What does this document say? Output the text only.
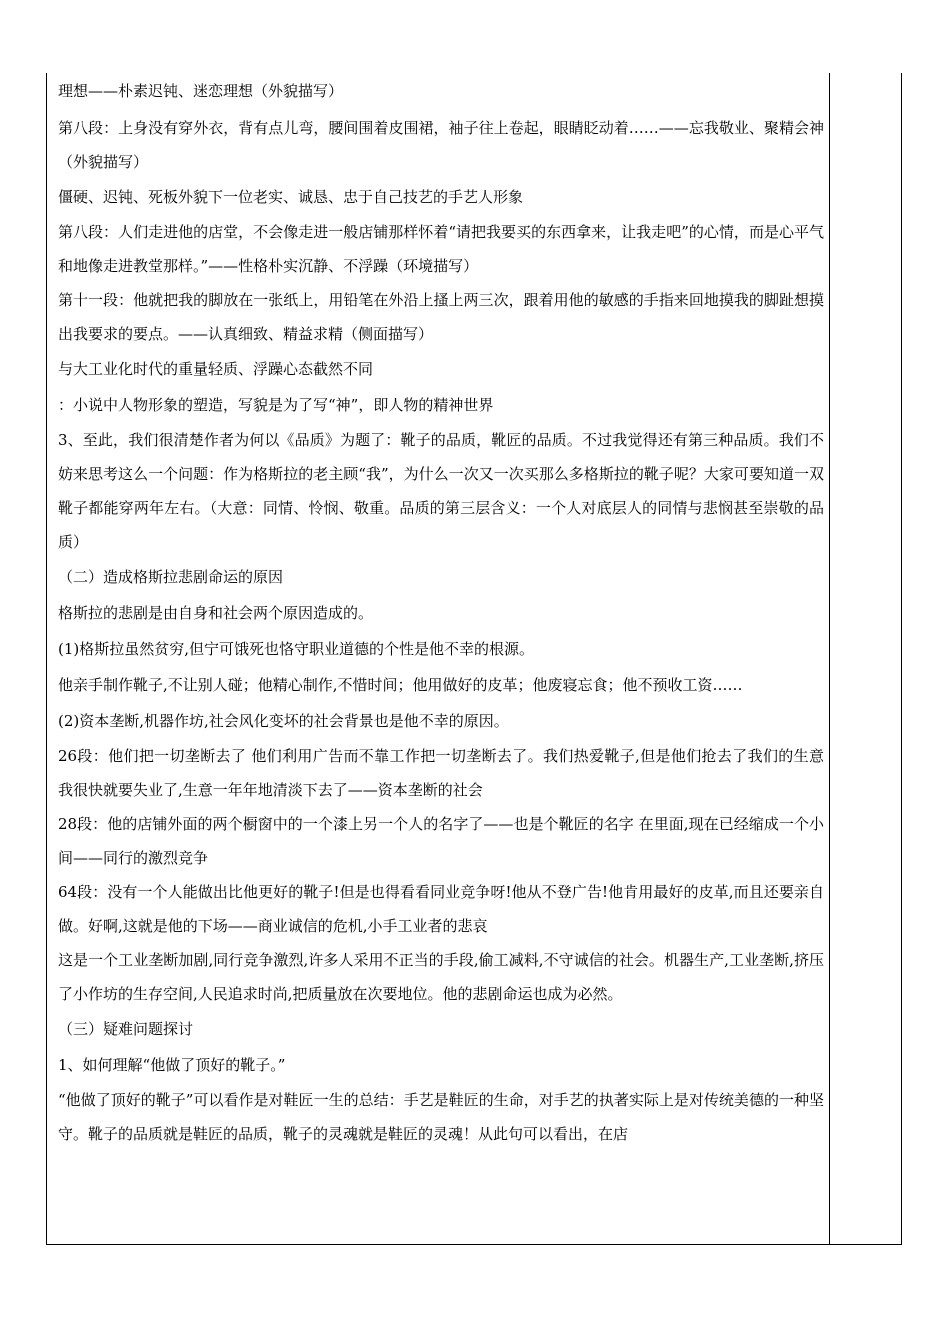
理想——朴素迟钝、迷恋理想（外貌描写）

第八段：上身没有穿外衣，背有点儿弯，腰间围着皮围裙，袖子往上卷起，眼睛眨动着……——忘我敬业、聚精会神（外貌描写）

僵硬、迟钝、死板外貌下一位老实、诚恳、忠于自己技艺的手艺人形象

第八段：人们走进他的店堂，不会像走进一般店铺那样怀着“请把我要买的东西拿来，让我走吧”的心情，而是心平气和地像走进教堂那样。”——性格朴实沉静、不浮躁（环境描写）

第十一段：他就把我的脚放在一张纸上，用铅笔在外沿上搔上两三次，跟着用他的敏感的手指来回地摸我的脚趾想摸出我要求的要点。——认真细致、精益求精（侧面描写）

与大工业化时代的重量轻质、浮躁心态截然不同

：小说中人物形象的塑造，写貌是为了写“神”，即人物的精神世界

3、至此，我们很清楚作者为何以《品质》为题了：靴子的品质，靴匠的品质。不过我觉得还有第三种品质。我们不妨来思考这么一个问题：作为格斯拉的老主顾“我”，为什么一次又一次买那么多格斯拉的靴子呢？大家可要知道一双靴子都能穿两年左右。（大意：同情、怜悯、敬重。品质的第三层含义：一个人对底层人的同情与悲悯甚至崇敬的品质）

（二）造成格斯拉悲剧命运的原因

格斯拉的悲剧是由自身和社会两个原因造成的。

(1)格斯拉虽然贫穷,但宁可饿死也恪守职业道德的个性是他不幸的根源。

他亲手制作靴子,不让别人碰；他精心制作,不惜时间；他用做好的皮革；他废寝忘食；他不预收工资……

(2)资本垄断,机器作坊,社会风化变坏的社会背景也是他不幸的原因。

26段：他们把一切垄断去了 他们利用广告而不靠工作把一切垄断去了。我们热爱靴子,但是他们抢去了我们的生意 我很快就要失业了,生意一年年地清淡下去了——资本垄断的社会

28段：他的店铺外面的两个橱窗中的一个漆上另一个人的名字了——也是个靴匠的名字 在里面,现在已经缩成一个小间——同行的激烈竞争

64段：没有一个人能做出比他更好的靴子!但是也得看看同业竞争呀!他从不登广告!他肯用最好的皮革,而且还要亲自做。好啊,这就是他的下场——商业诚信的危机,小手工业者的悲哀

这是一个工业垄断加剧,同行竞争激烈,许多人采用不正当的手段,偷工减料,不守诚信的社会。机器生产,工业垄断,挤压了小作坊的生存空间,人民追求时尚,把质量放在次要地位。他的悲剧命运也成为必然。

（三）疑难问题探讨

1、如何理解“他做了顶好的靴子。”

“他做了顶好的靴子”可以看作是对鞋匠一生的总结：手艺是鞋匠的生命，对手艺的执著实际上是对传统美德的一种坚守。靴子的品质就是鞋匠的品质，靴子的灵魂就是鞋匠的灵魂！从此句可以看出，在店
